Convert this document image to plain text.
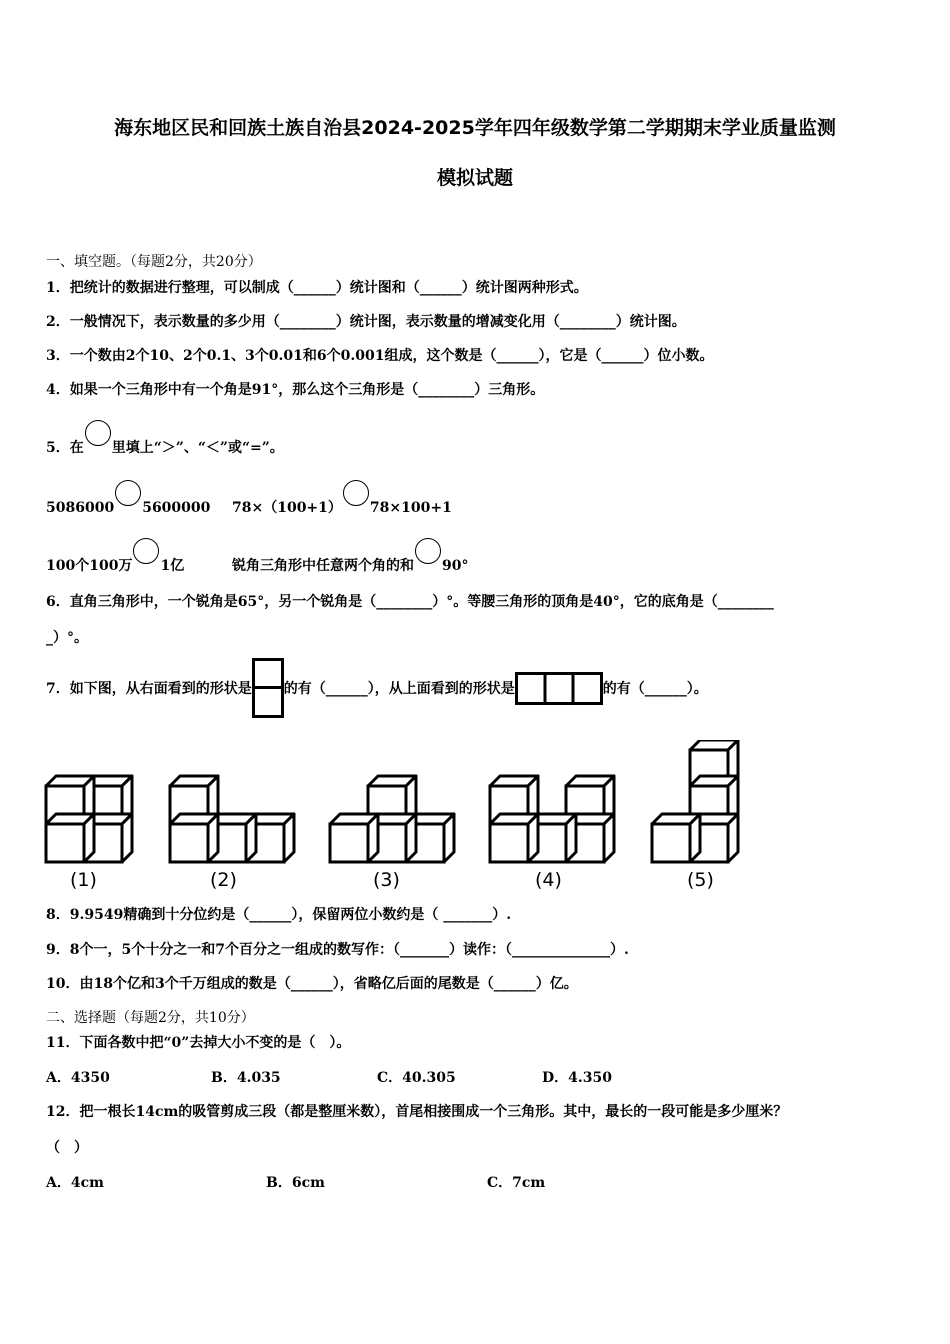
海东地区民和回族土族自治县2024-2025学年四年级数学第二学期期末学业质量监测
模拟试题
一、填空题。（每题2分，共20分）
1．把统计的数据进行整理，可以制成（______）统计图和（______）统计图两种形式。
2．一般情况下，表示数量的多少用（________）统计图，表示数量的增减变化用（________）统计图。
3．一个数由2个10、2个0.1、3个0.01和6个0.001组成，这个数是（______），它是（______）位小数。
4．如果一个三角形中有一个角是91°，那么这个三角形是（________）三角形。
5．在 里填上“＞”、“＜”或“=”。
5086000 5600000 78×（100+1） 78×100+1
100个100万 1亿	锐角三角形中任意两个角的和 90°
6．直角三角形中，一个锐角是65°，另一个锐角是（________）°。等腰三角形的顶角是40°，它的底角是（________
_）°。
7．如下图，从右面看到的形状是 的有（______），从上面看到的形状是	的有（______）。
(1)	(2)	(3)	(4)	(5)
8．9.9549精确到十分位约是（______），保留两位小数约是（ _______）.
9．8个一，5个十分之一和7个百分之一组成的数写作：（_______）读作：（______________）.
10．由18个亿和3个千万组成的数是（______），省略亿后面的尾数是（______）亿。
二、选择题（每题2分，共10分）
11．下面各数中把“0”去掉大小不变的是（　）。
A．4350	B．4.035	C．40.305	D．4.350
12．把一根长14cm的吸管剪成三段（都是整厘米数），首尾相接围成一个三角形。其中，最长的一段可能是多少厘米？
（　）
A．4cm	B．6cm	C．7cm
